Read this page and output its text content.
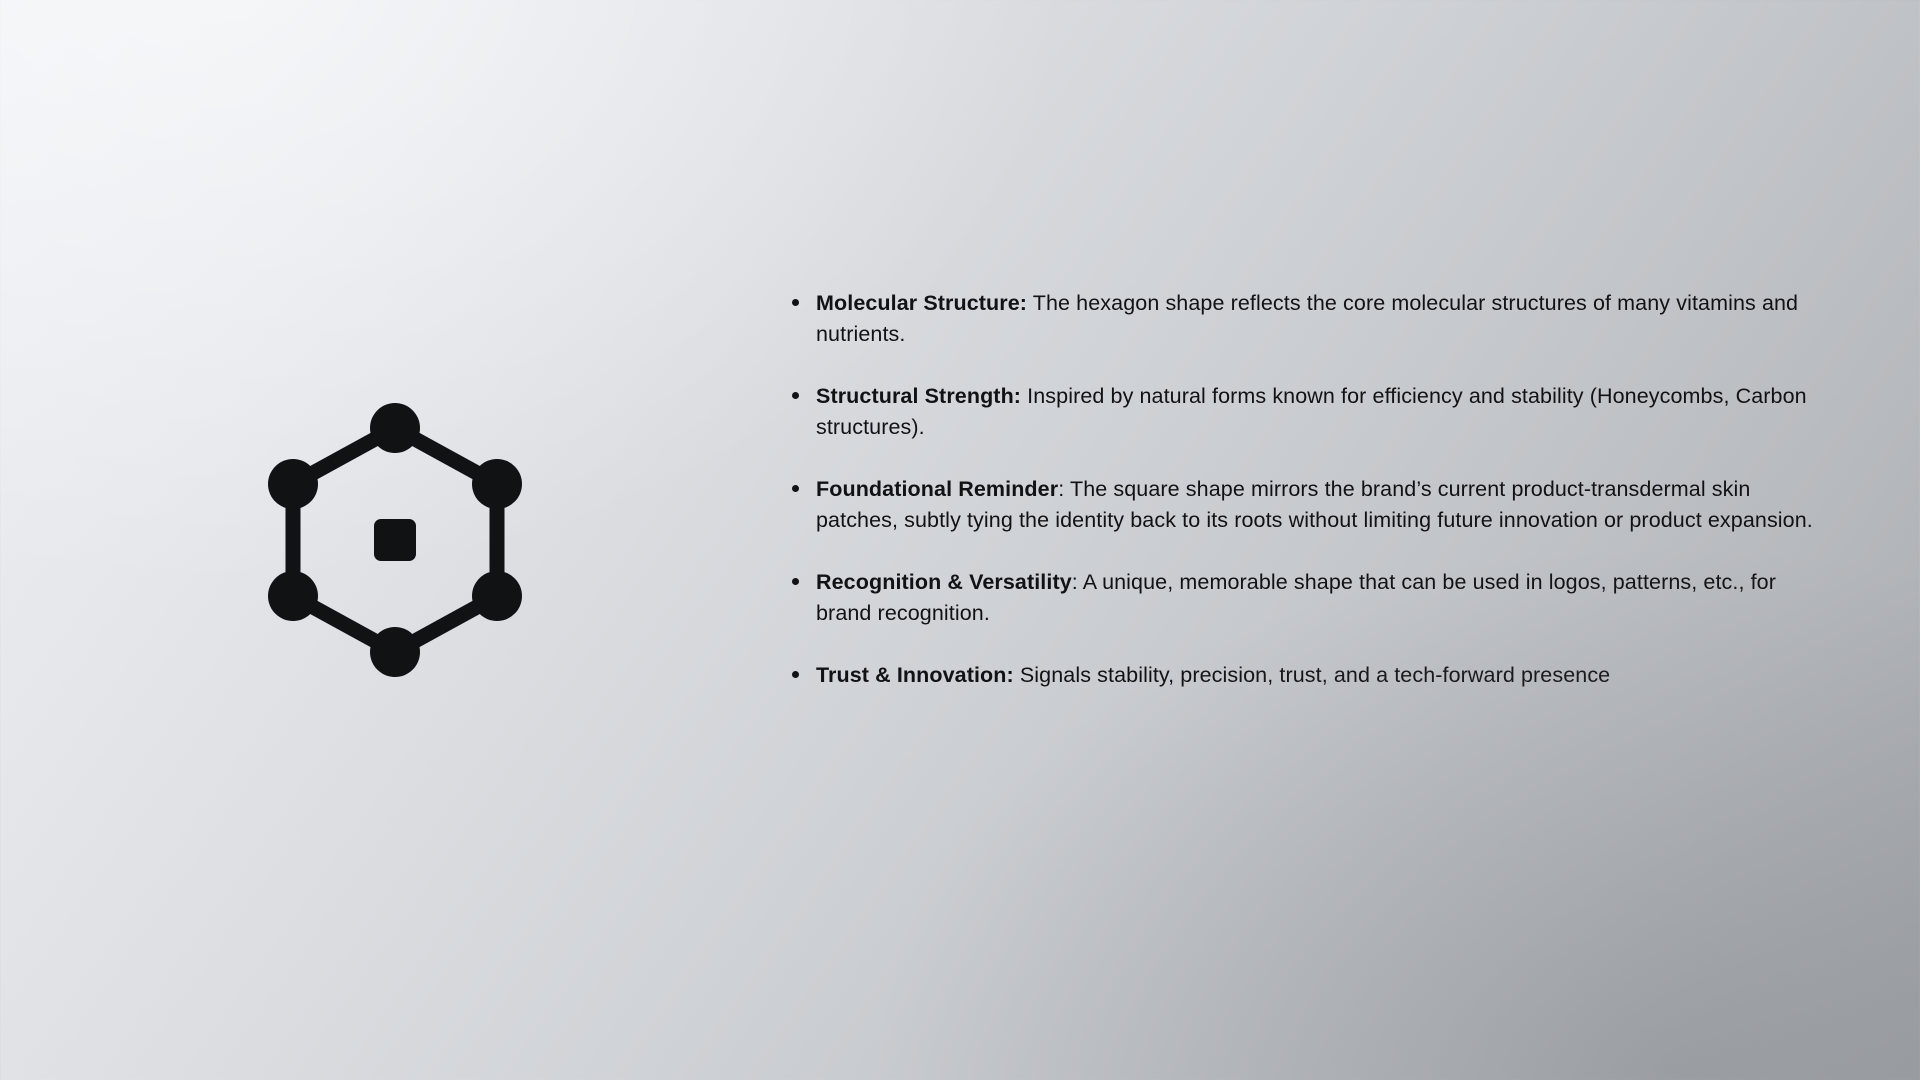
Molecular Structure: The hexagon shape reflects the core molecular structures of many vitamins and nutrients.
Structural Strength: Inspired by natural forms known for efficiency and stability (Honeycombs, Carbon structures).
Foundational Reminder: The square shape mirrors the brand’s current product-transdermal skin patches, subtly tying the identity back to its roots without limiting future innovation or product expansion.
Recognition & Versatility: A unique, memorable shape that can be used in logos, patterns, etc., for brand recognition.
Trust & Innovation: Signals stability, precision, trust, and a tech-forward presence
